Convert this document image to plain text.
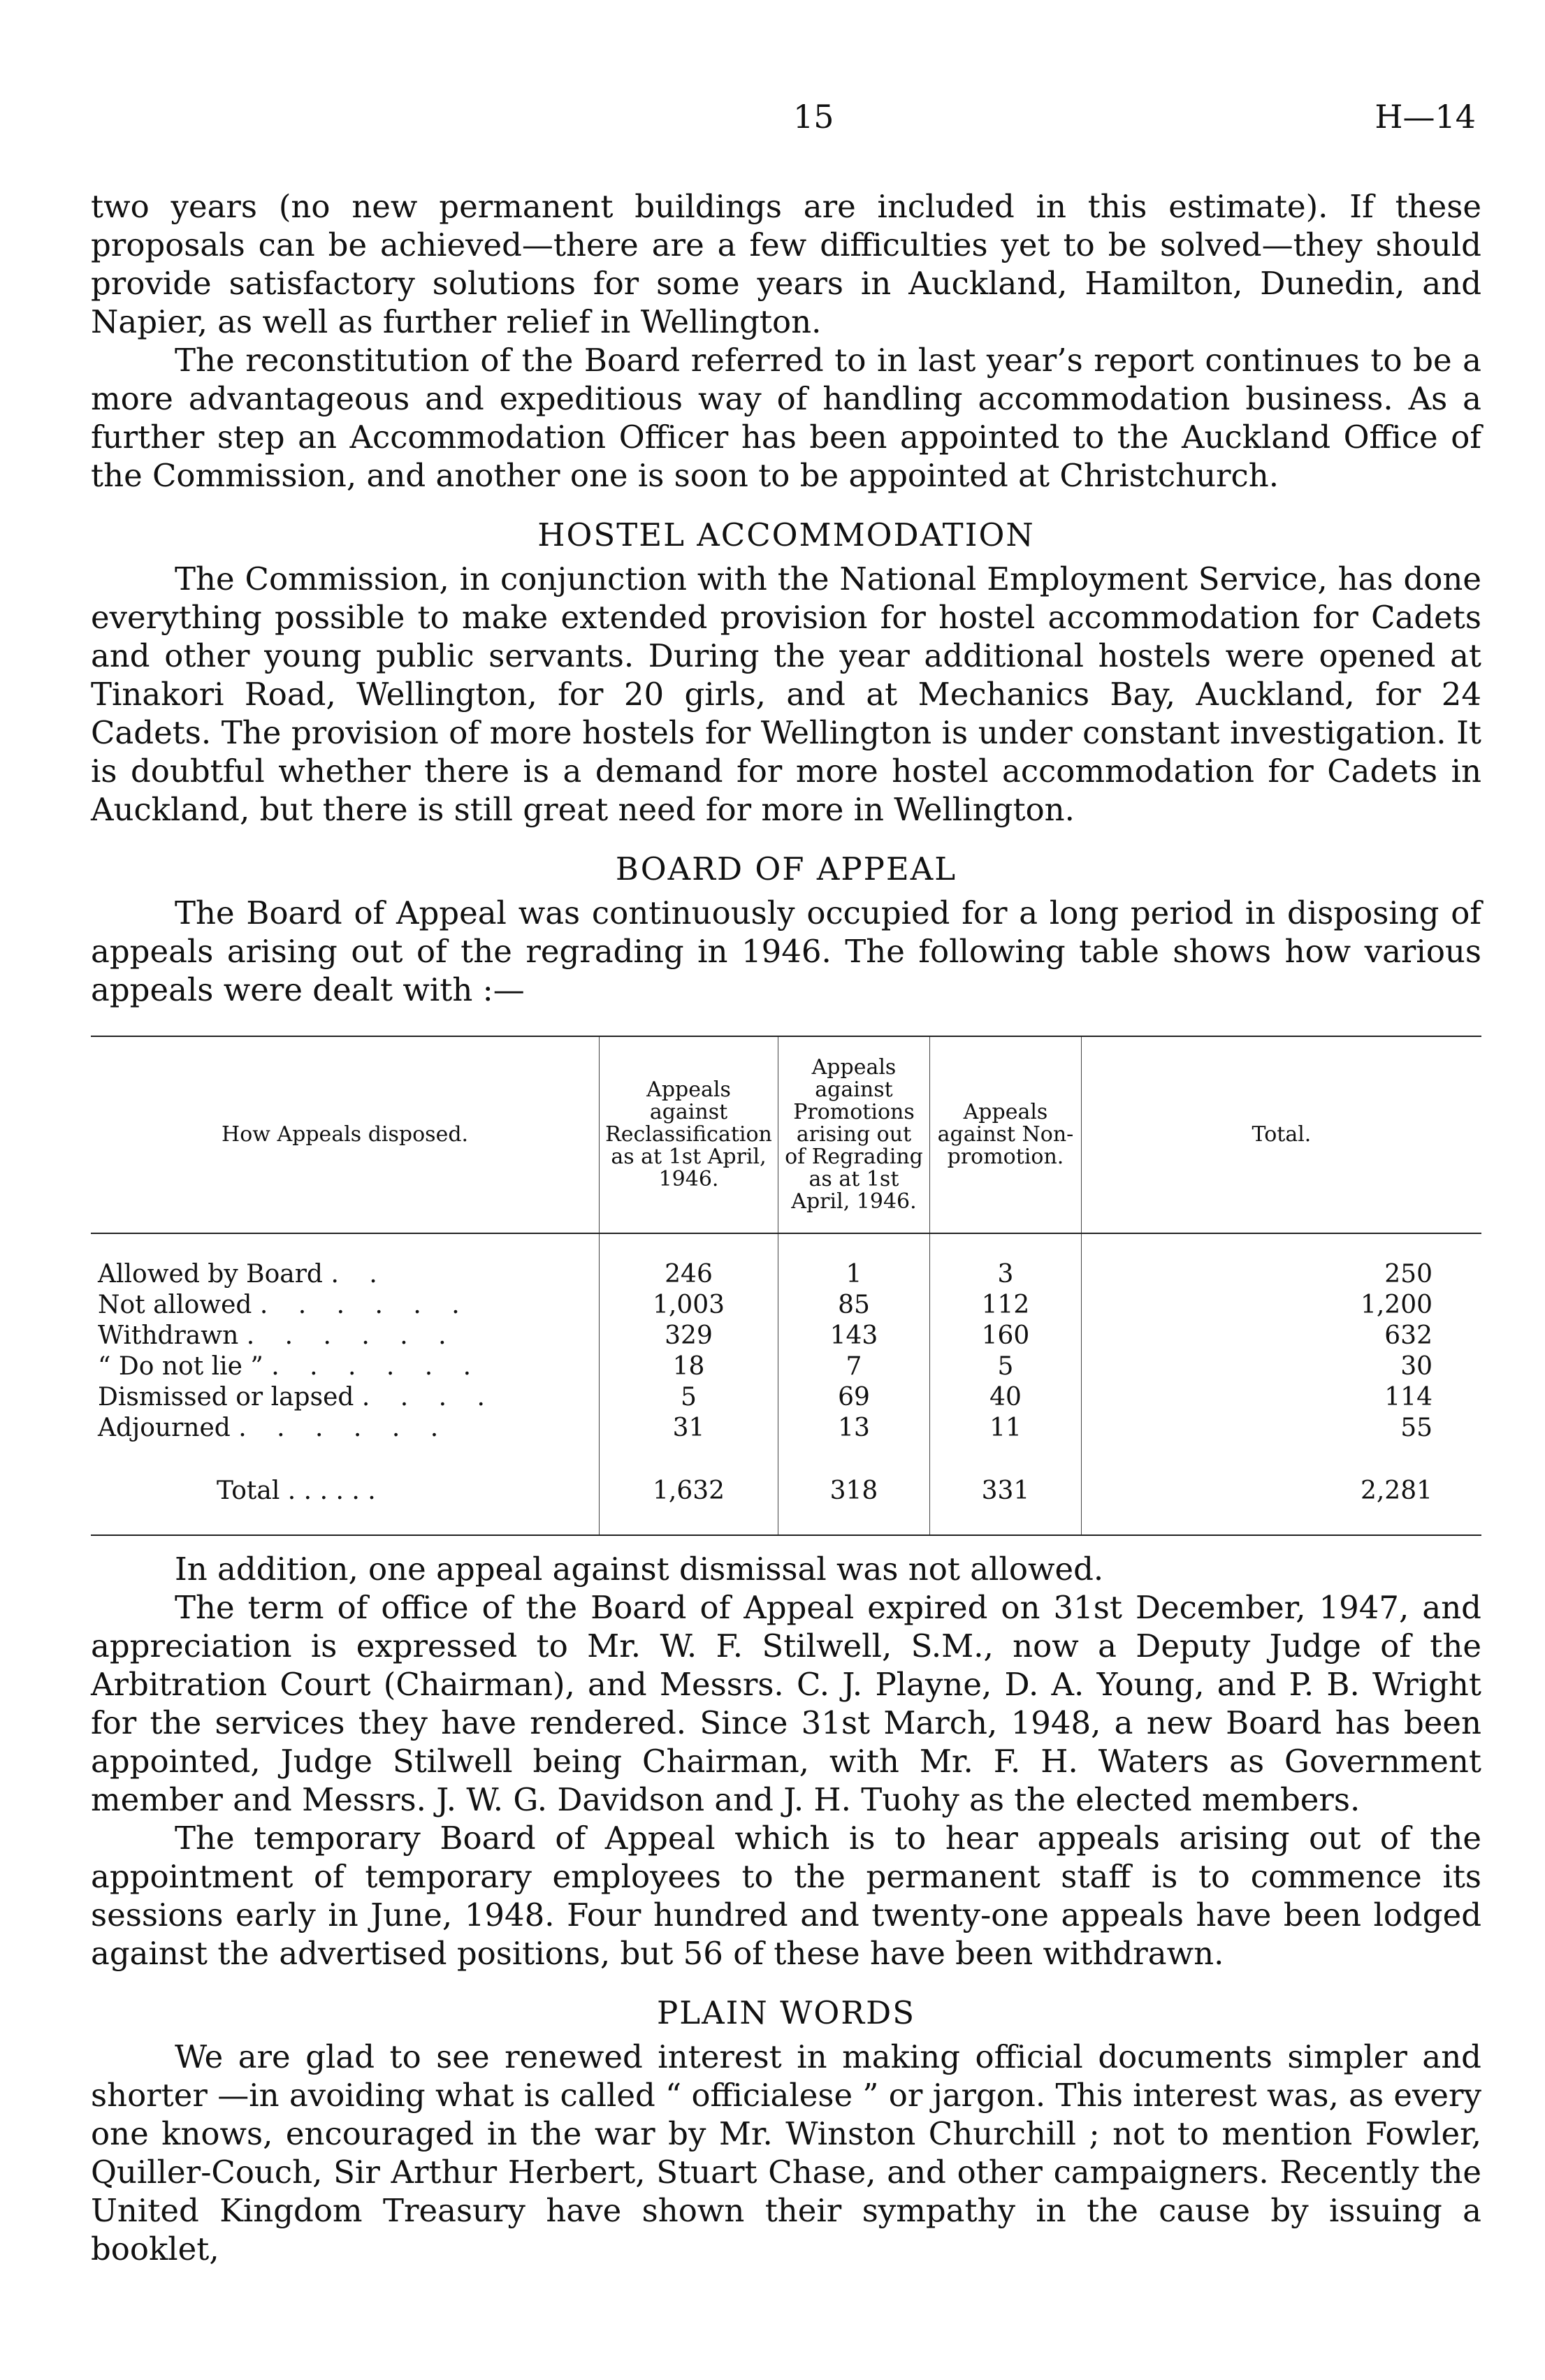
15	H—14

two years (no new permanent buildings are included in this estimate). If these proposals can be achieved—there are a few difficulties yet to be solved—they should provide satisfactory solutions for some years in Auckland, Hamilton, Dunedin, and Napier, as well as further relief in Wellington.

The reconstitution of the Board referred to in last year’s report continues to be a more advantageous and expeditious way of handling accommodation business. As a further step an Accommodation Officer has been appointed to the Auckland Office of the Commission, and another one is soon to be appointed at Christchurch.

HOSTEL ACCOMMODATION

The Commission, in conjunction with the National Employment Service, has done everything possible to make extended provision for hostel accommodation for Cadets and other young public servants. During the year additional hostels were opened at Tinakori Road, Wellington, for 20 girls, and at Mechanics Bay, Auckland, for 24 Cadets. The provision of more hostels for Wellington is under constant investigation. It is doubtful whether there is a demand for more hostel accommodation for Cadets in Auckland, but there is still great need for more in Wellington.

BOARD OF APPEAL

The Board of Appeal was continuously occupied for a long period in disposing of appeals arising out of the regrading in 1946. The following table shows how various appeals were dealt with :—

How Appeals disposed.	Appeals against Reclassification as at 1st April, 1946.	Appeals against Promotions arising out of Regrading as at 1st April, 1946.	Appeals against Non-promotion.	Total.
Allowed by Board . .	246	1	3	250
Not allowed . . . . . .	1,003	85	112	1,200
Withdrawn . . . . . .	329	143	160	632
“ Do not lie ” . . . . . .	18	7	5	30
Dismissed or lapsed . . . .	5	69	40	114
Adjourned . . . . . .	31	13	11	55
Total . . . . . .	1,632	318	331	2,281

In addition, one appeal against dismissal was not allowed.

The term of office of the Board of Appeal expired on 31st December, 1947, and appreciation is expressed to Mr. W. F. Stilwell, S.M., now a Deputy Judge of the Arbitration Court (Chairman), and Messrs. C. J. Playne, D. A. Young, and P. B. Wright for the services they have rendered. Since 31st March, 1948, a new Board has been appointed, Judge Stilwell being Chairman, with Mr. F. H. Waters as Government member and Messrs. J. W. G. Davidson and J. H. Tuohy as the elected members.

The temporary Board of Appeal which is to hear appeals arising out of the appointment of temporary employees to the permanent staff is to commence its sessions early in June, 1948. Four hundred and twenty-one appeals have been lodged against the advertised positions, but 56 of these have been withdrawn.

PLAIN WORDS

We are glad to see renewed interest in making official documents simpler and shorter —in avoiding what is called “ officialese ” or jargon. This interest was, as every one knows, encouraged in the war by Mr. Winston Churchill ; not to mention Fowler, Quiller-Couch, Sir Arthur Herbert, Stuart Chase, and other campaigners. Recently the United Kingdom Treasury have shown their sympathy in the cause by issuing a booklet,
